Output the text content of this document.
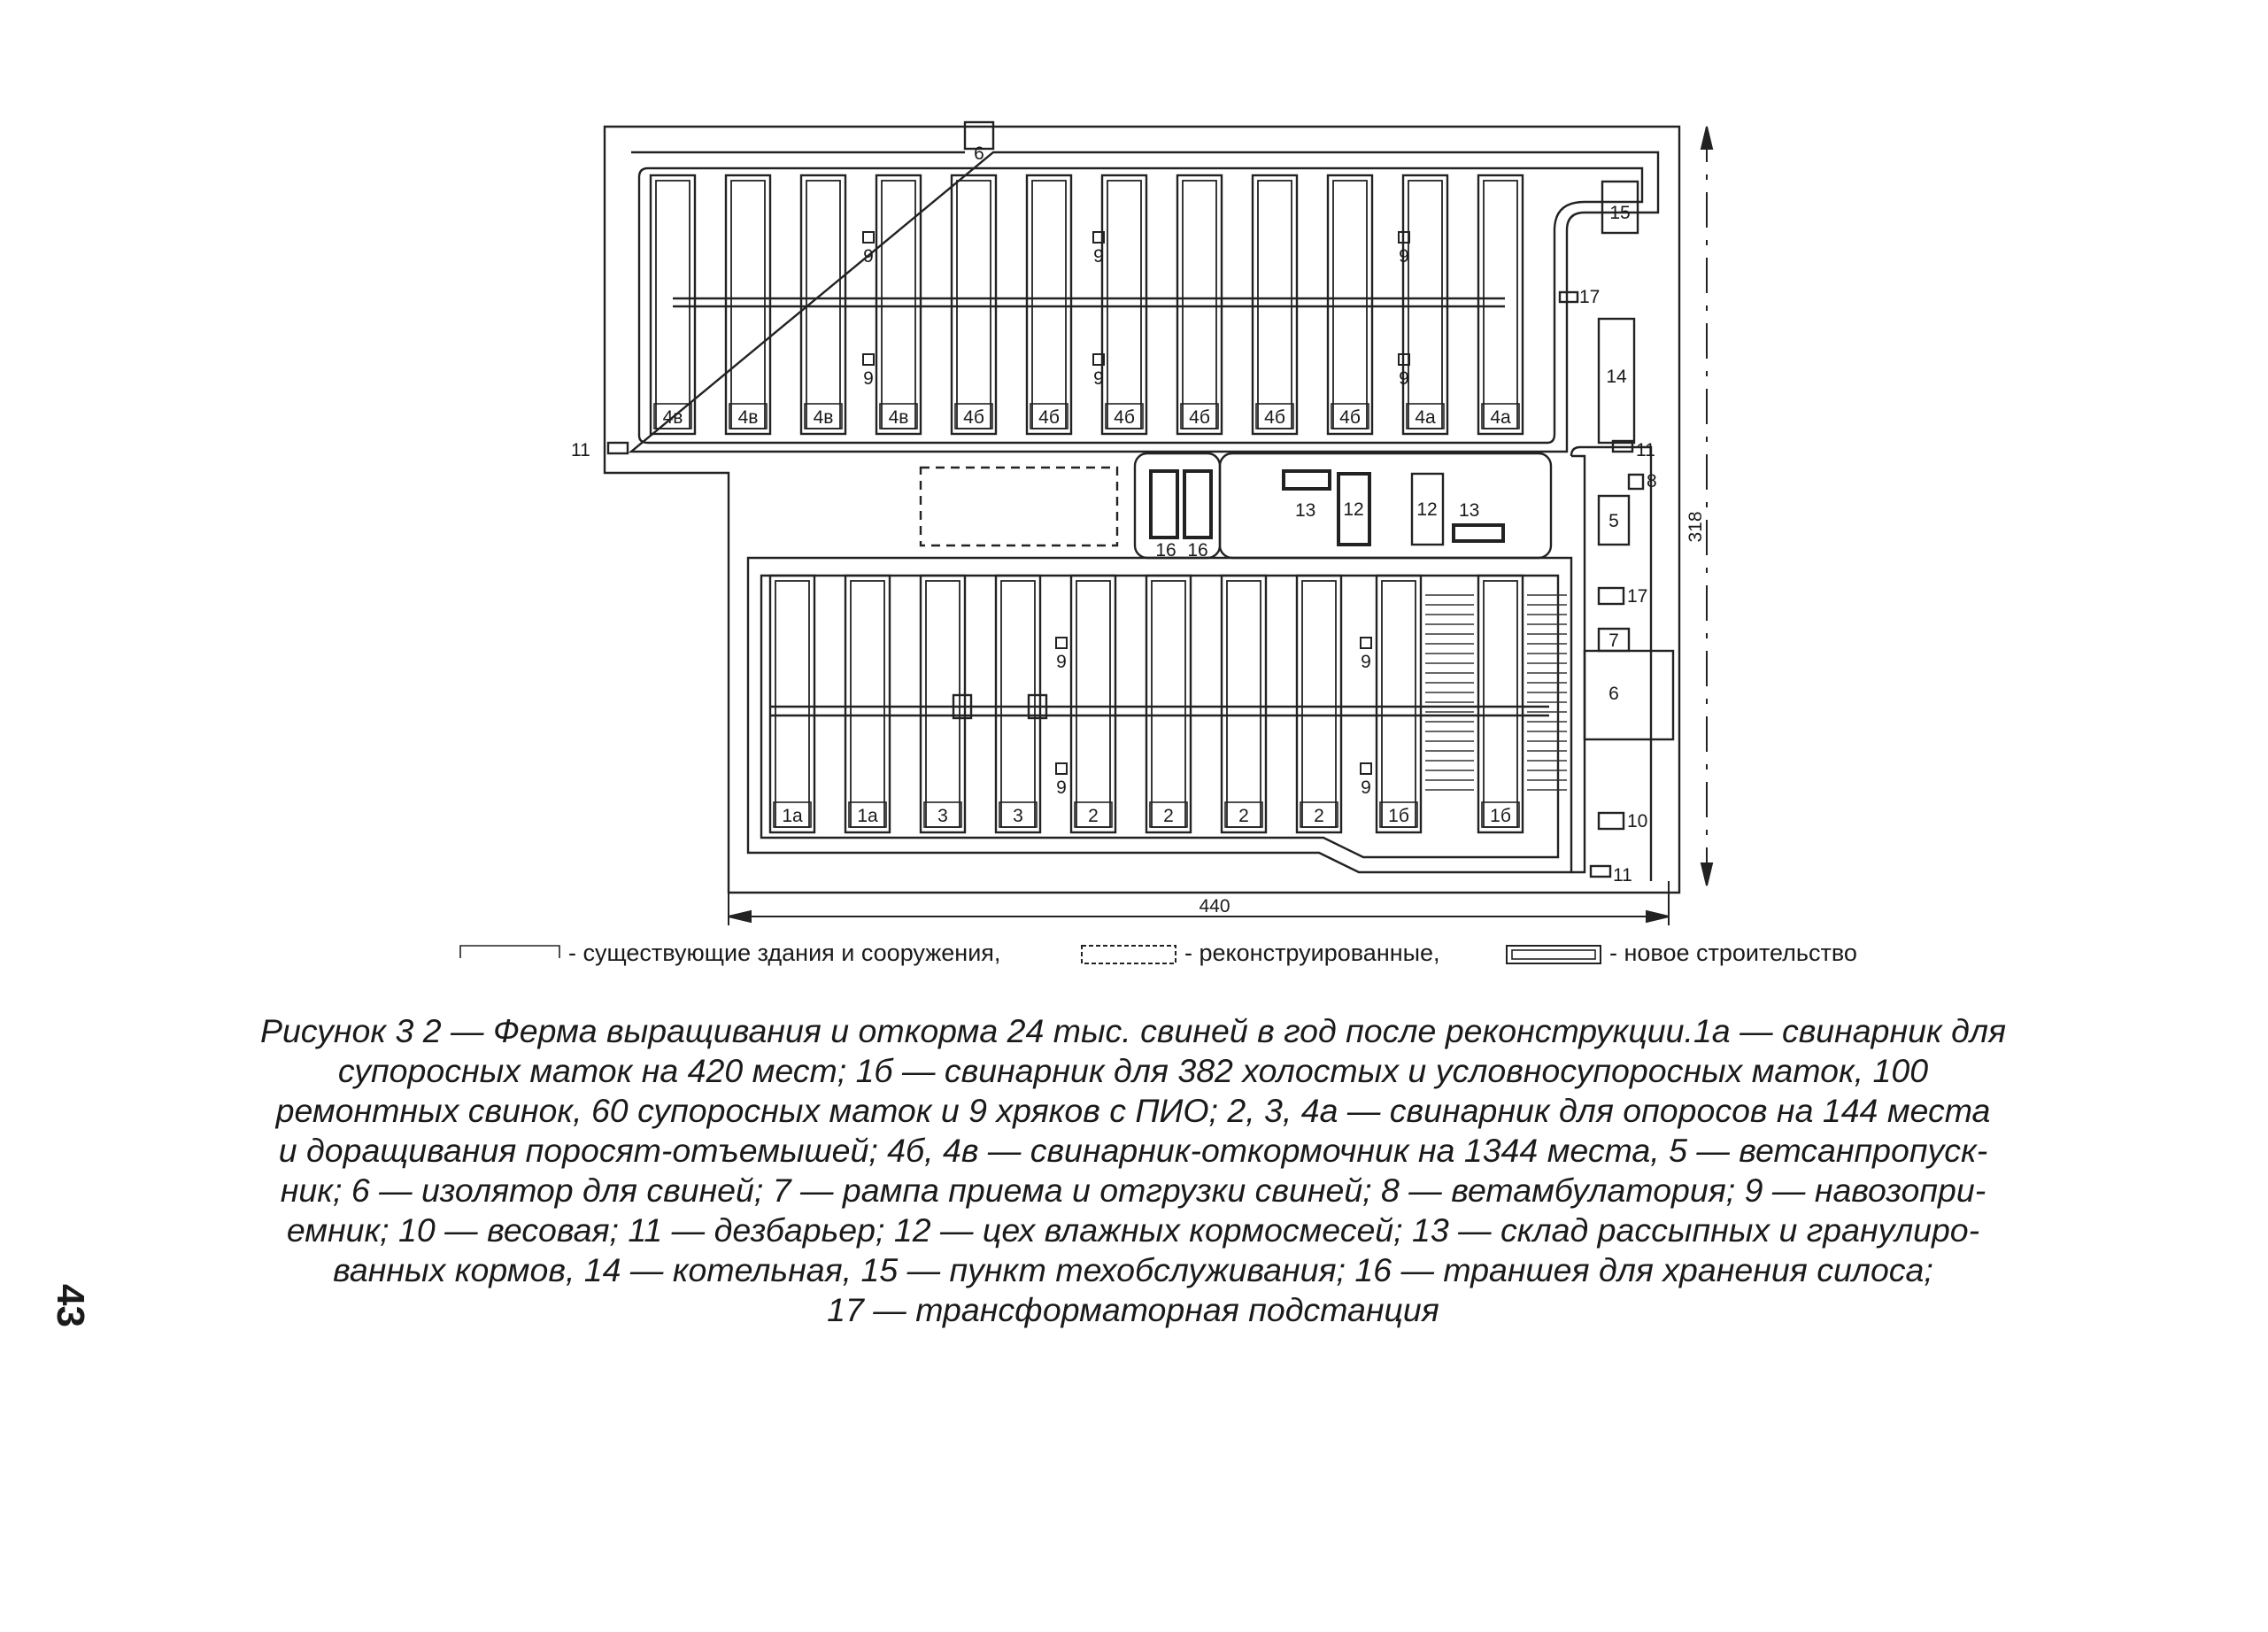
4в	4в	4в	4в	4б	4б	4б	4б	4б	4б	4а	4а
1а	1а	3	3	2	2	2	2	1б	1б
9
9
9
9
9
9
9
9
9
9
6
15
17
14
11
11
8
5
17
7
6
10
11
13 12	12 13
16 16
440
318
- существующие здания и сооружения,	- реконструированные,	- новое строительство
Рисунок 3 2 — Ферма выращивания и откорма 24 тыс. свиней в год после реконструкции.1а — свинарник для
супоросных маток на 420 мест; 1б — свинарник для 382 холостых и условносупоросных маток, 100
ремонтных свинок, 60 супоросных маток и 9 хряков с ПИО; 2, 3, 4а — свинарник для опоросов на 144 места
и доращивания поросят-отъемышей; 4б, 4в — свинарник-откормочник на 1344 места, 5 — ветсанпропуск-
ник; 6 — изолятор для свиней; 7 — рампа приема и отгрузки свиней; 8 — ветамбулатория; 9 — навозопри-
емник; 10 — весовая; 11 — дезбарьер; 12 — цех влажных кормосмесей; 13 — склад рассыпных и гранулиро-
ванных кормов, 14 — котельная, 15 — пункт техобслуживания; 16 — траншея для хранения силоса;
17 — трансформаторная подстанция
43
